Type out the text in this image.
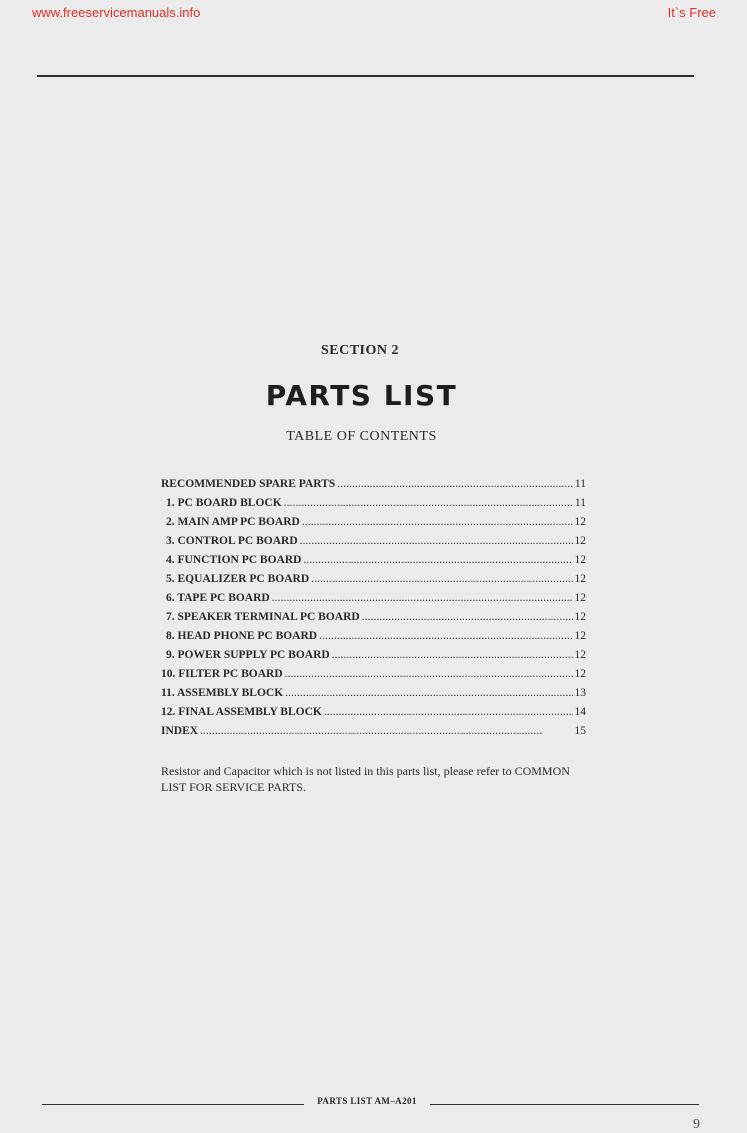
www.freeservicemanuals.info	It`s Free
SECTION 2
PARTS LIST
TABLE OF CONTENTS
RECOMMENDED SPARE PARTS . . .	11
1. PC BOARD BLOCK . . .	11
2. MAIN AMP PC BOARD . . .	12
3. CONTROL PC BOARD . . .	12
4. FUNCTION PC BOARD . . .	12
5. EQUALIZER PC BOARD . . .	12
6. TAPE PC BOARD . . .	12
7. SPEAKER TERMINAL PC BOARD . . .	12
8. HEAD PHONE PC BOARD . . .	12
9. POWER SUPPLY PC BOARD . . .	12
10. FILTER PC BOARD . . .	12
11. ASSEMBLY BLOCK . . .	13
12. FINAL ASSEMBLY BLOCK . . .	14
INDEX . . .	15
Resistor and Capacitor which is not listed in this parts list, please refer to COMMON LIST FOR SERVICE PARTS.
PARTS LIST AM–A201
9
